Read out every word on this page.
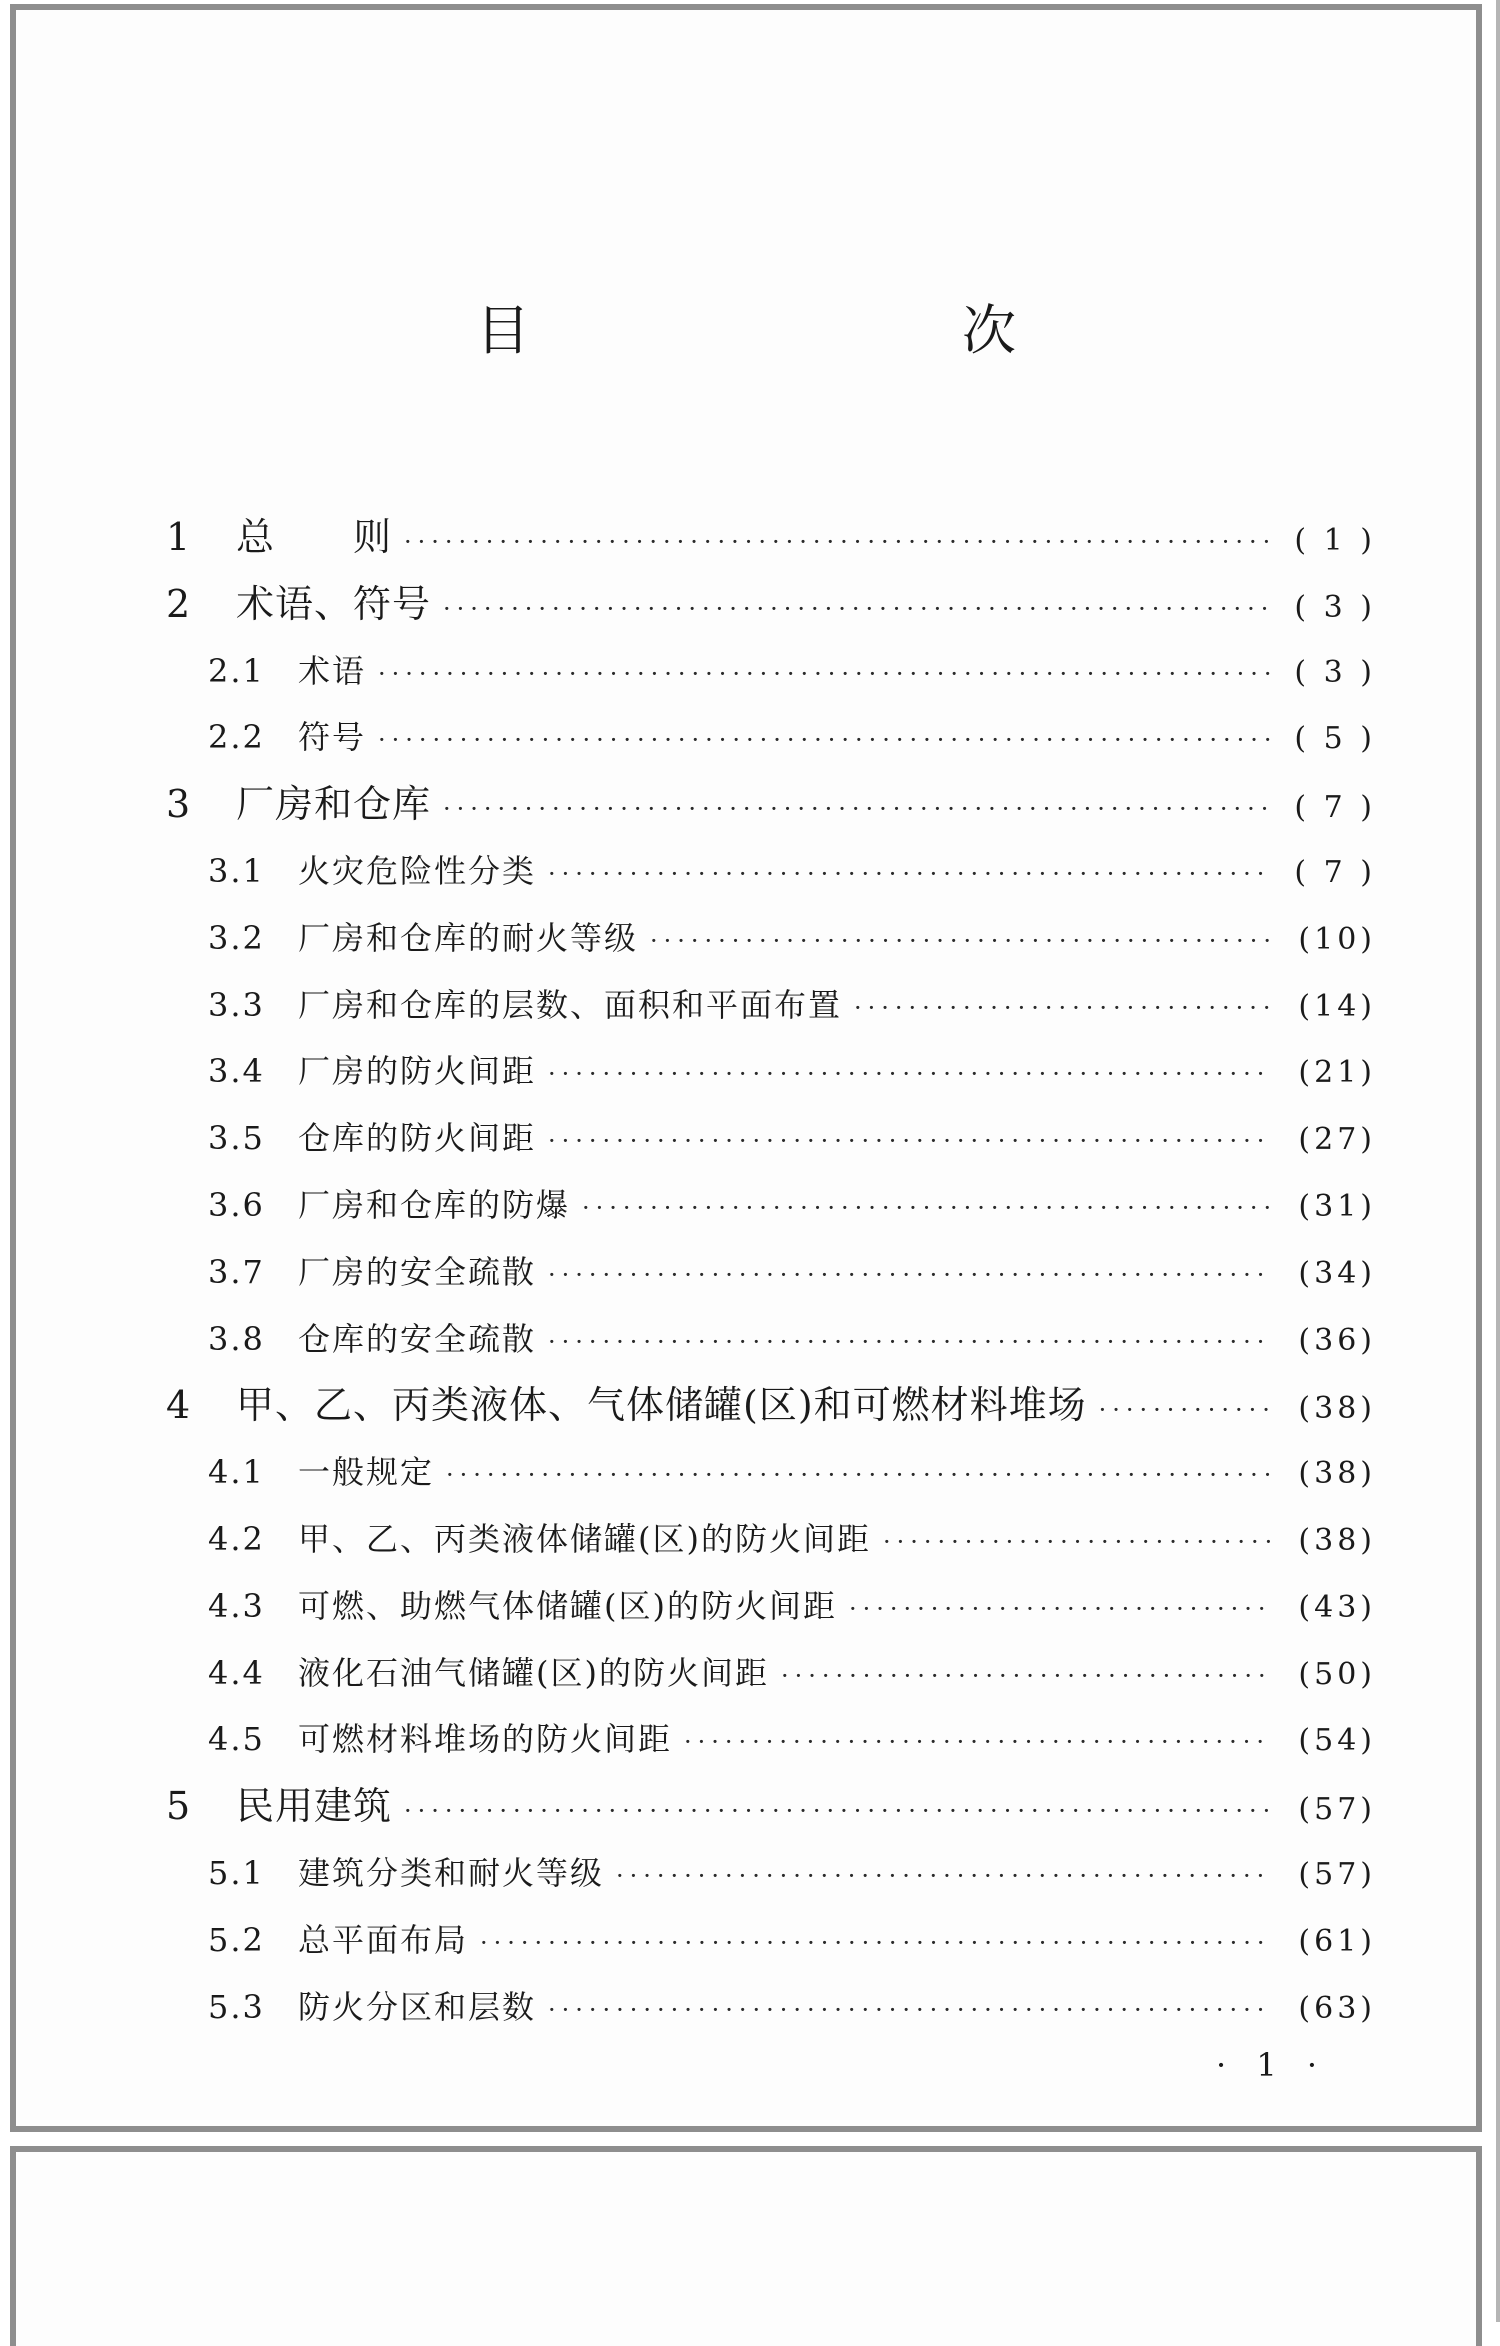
目　　次
1	总　　则 ·····	( 1 )
2	术语、符号 ·····	( 3 )
2.1	术语 ·····	( 3 )
2.2	符号 ·····	( 5 )
3	厂房和仓库 ·····	( 7 )
3.1	火灾危险性分类 ·····	( 7 )
3.2	厂房和仓库的耐火等级 ·····	(10)
3.3	厂房和仓库的层数、面积和平面布置 ·····	(14)
3.4	厂房的防火间距 ·····	(21)
3.5	仓库的防火间距 ·····	(27)
3.6	厂房和仓库的防爆 ·····	(31)
3.7	厂房的安全疏散 ·····	(34)
3.8	仓库的安全疏散 ·····	(36)
4	甲、乙、丙类液体、气体储罐(区)和可燃材料堆场 ·····	(38)
4.1	一般规定 ·····	(38)
4.2	甲、乙、丙类液体储罐(区)的防火间距 ·····	(38)
4.3	可燃、助燃气体储罐(区)的防火间距 ·····	(43)
4.4	液化石油气储罐(区)的防火间距 ·····	(50)
4.5	可燃材料堆场的防火间距 ·····	(54)
5	民用建筑 ·····	(57)
5.1	建筑分类和耐火等级 ·····	(57)
5.2	总平面布局 ·····	(61)
5.3	防火分区和层数 ·····	(63)
· 1 ·
